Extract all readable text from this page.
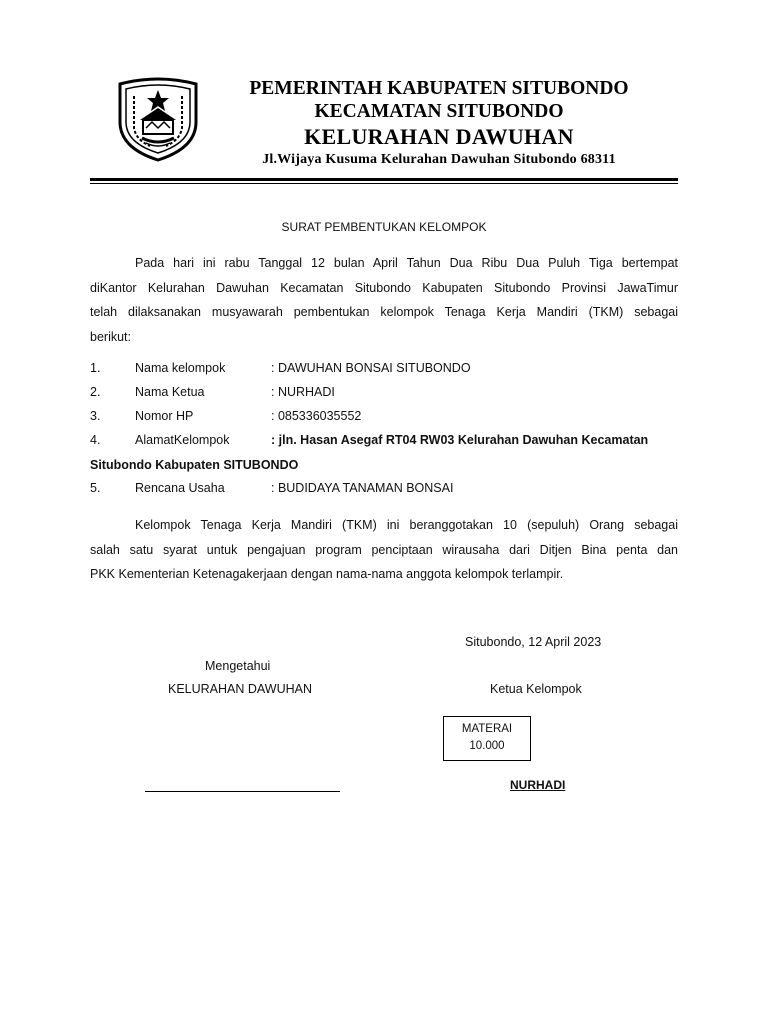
PEMERINTAH KABUPATEN SITUBONDO
KECAMATAN SITUBONDO
KELURAHAN DAWUHAN
Jl.Wijaya Kusuma Kelurahan Dawuhan Situbondo 68311
SURAT PEMBENTUKAN KELOMPOK
Pada hari ini rabu Tanggal 12 bulan April Tahun Dua Ribu Dua Puluh Tiga bertempat
diKantor Kelurahan Dawuhan Kecamatan Situbondo Kabupaten Situbondo Provinsi JawaTimur
telah dilaksanakan musyawarah pembentukan kelompok Tenaga Kerja Mandiri (TKM) sebagai
berikut:
1.	Nama kelompok	: DAWUHAN BONSAI SITUBONDO
2.	Nama Ketua	: NURHADI
3.	Nomor HP	: 085336035552
4.	AlamatKelompok	: jln. Hasan Asegaf RT04 RW03 Kelurahan Dawuhan Kecamatan
Situbondo Kabupaten SITUBONDO
5.	Rencana Usaha	: BUDIDAYA TANAMAN BONSAI
Kelompok Tenaga Kerja Mandiri (TKM) ini beranggotakan 10 (sepuluh) Orang sebagai
salah satu syarat untuk pengajuan program penciptaan wirausaha dari Ditjen Bina penta dan
PKK Kementerian Ketenagakerjaan dengan nama-nama anggota kelompok terlampir.
Situbondo, 12 April 2023
Mengetahui
KELURAHAN DAWUHAN	Ketua Kelompok
MATERAI
10.000
NURHADI
